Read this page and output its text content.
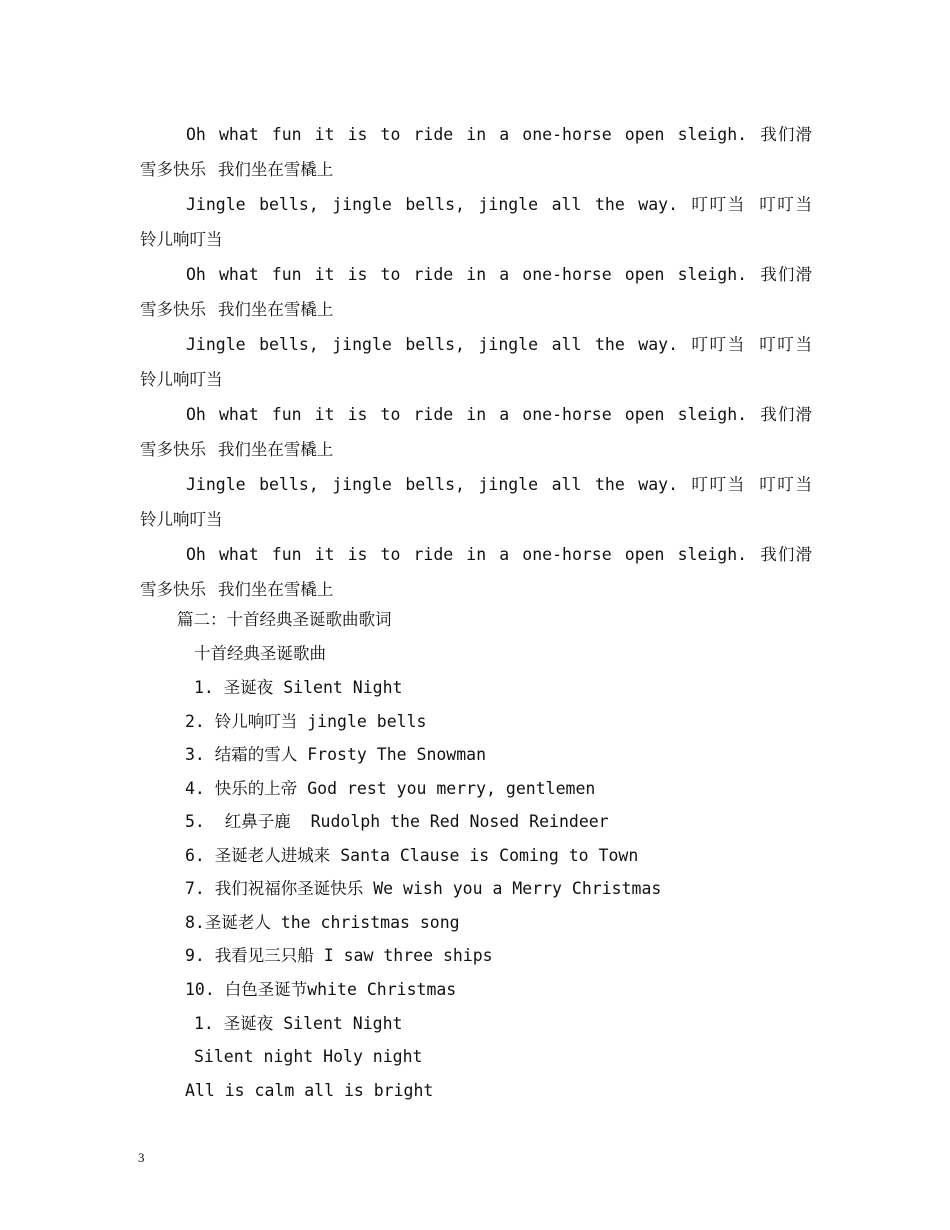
Oh what fun it is to ride in a one-horse open sleigh. 我们滑雪多快乐 我们坐在雪橇上

Jingle bells, jingle bells, jingle all the way. 叮叮当 叮叮当 铃儿响叮当

Oh what fun it is to ride in a one-horse open sleigh. 我们滑雪多快乐 我们坐在雪橇上

Jingle bells, jingle bells, jingle all the way. 叮叮当 叮叮当 铃儿响叮当

Oh what fun it is to ride in a one-horse open sleigh. 我们滑雪多快乐 我们坐在雪橇上

Jingle bells, jingle bells, jingle all the way. 叮叮当 叮叮当 铃儿响叮当

Oh what fun it is to ride in a one-horse open sleigh. 我们滑雪多快乐 我们坐在雪橇上

篇二：十首经典圣诞歌曲歌词
十首经典圣诞歌曲
1. 圣诞夜 Silent Night
2. 铃儿响叮当 jingle bells
3. 结霜的雪人 Frosty The Snowman
4. 快乐的上帝 God rest you merry, gentlemen
5.  红鼻子鹿  Rudolph the Red Nosed Reindeer
6. 圣诞老人进城来 Santa Clause is Coming to Town
7. 我们祝福你圣诞快乐 We wish you a Merry Christmas
8.圣诞老人 the christmas song
9. 我看见三只船 I saw three ships
10. 白色圣诞节white Christmas
1. 圣诞夜 Silent Night
Silent night Holy night
All is calm all is bright
3
